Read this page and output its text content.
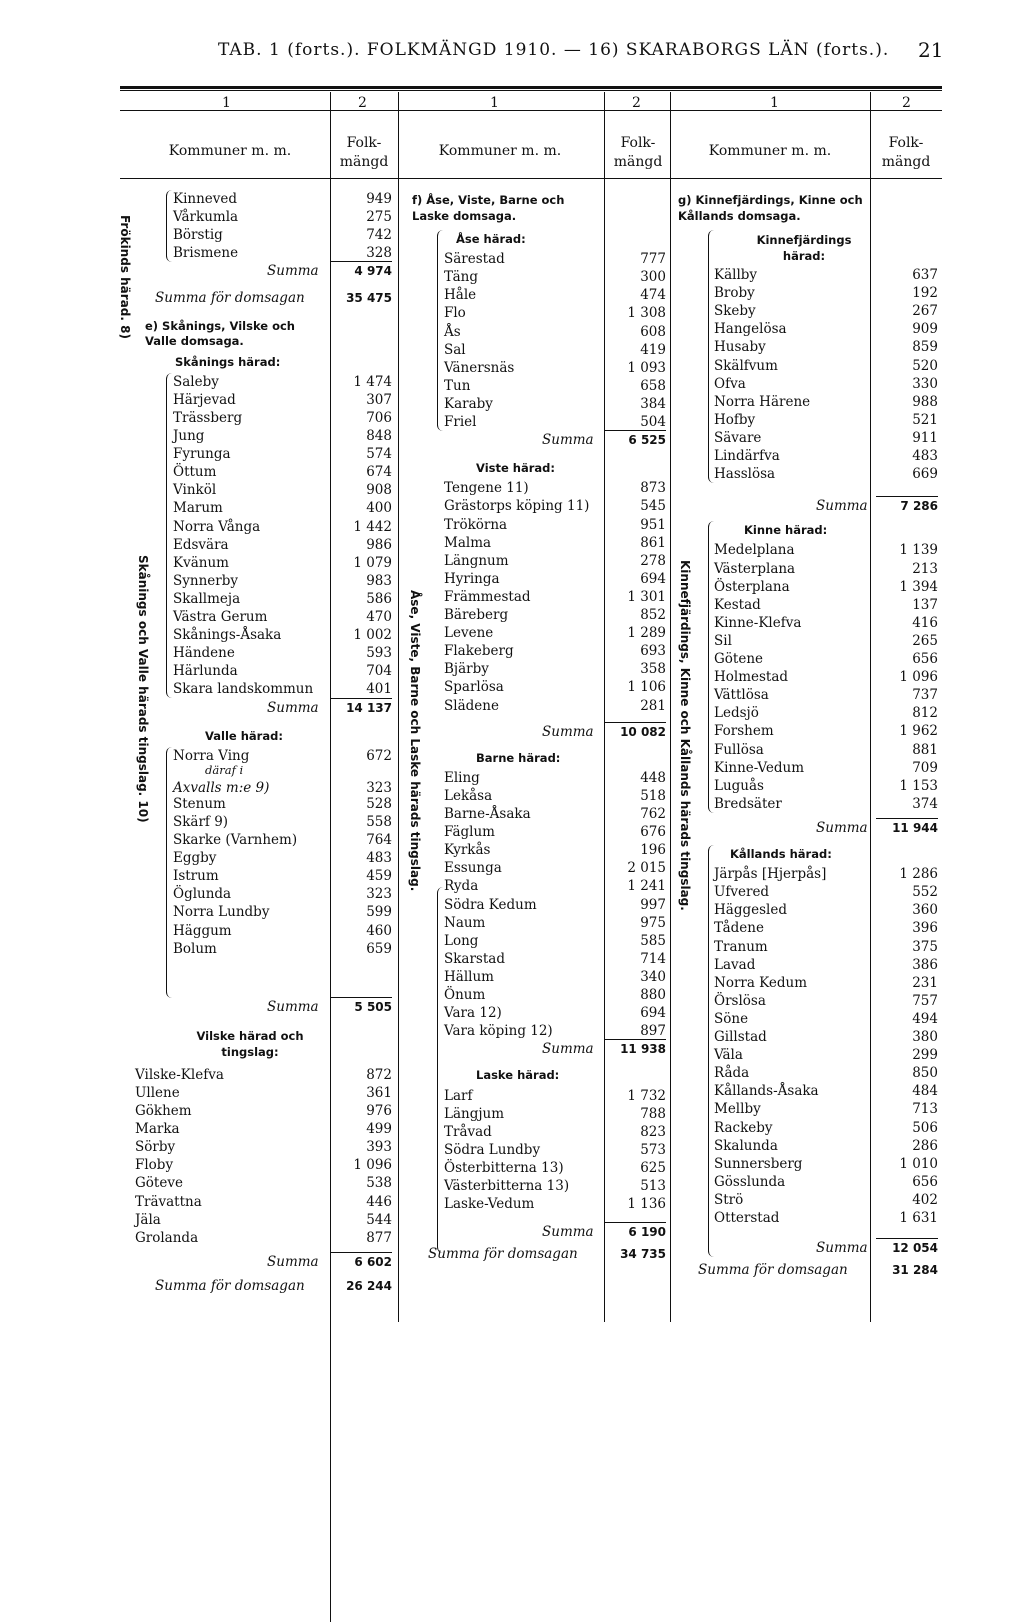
TAB. 1 (forts.). FOLKMÄNGD 1910. — 16) SKARABORGS LÄN (forts.). 21
1	2	1	2	1	2
Kommuner m. m.	Folk-
mängd
Kommuner m. m.	Folk-
mängd
Kommuner m. m.	Folk-
mängd
Frökinds härad. 8)
Skånings och Valle härads tingslag. 10)	Åse, Viste, Barne och Laske härads tingslag.	Kinnefjärdings, Kinne och Kållands härads tingslag.
Kinneved	949
Vårkumla	275
Börstig	742
Brismene	328
Summa	4 974
Summa för domsagan	35 475
e) Skånings, Vilske och Valle domsaga.
Skånings härad:
Saleby	1 474
Härjevad	307
Trässberg	706
Jung	848
Fyrunga	574
Öttum	674
Vinköl	908
Marum	400
Norra Vånga	1 442
Edsvära	986
Kvänum	1 079
Synnerby	983
Skallmeja	586
Västra Gerum	470
Skånings-Åsaka	1 002
Händene	593
Härlunda	704
Skara landskommun	401
Summa 14 137
Valle härad:
Norra Ving	672
däraf i
Axvalls m:e 9)	323
Stenum	528
Skärf 9)	558
Skarke (Varnhem)	764
Eggby	483
Istrum	459
Öglunda	323
Norra Lundby	599
Häggum	460
Bolum	659
Summa	5 505
Vilske härad och tingslag:
Vilske-Klefva	872
Ullene	361
Gökhem	976
Marka	499
Sörby	393
Floby	1 096
Göteve	538
Trävattna	446
Jäla	544
Grolanda	877
Summa	6 602
Summa för domsagan	26 244
f) Åse, Viste, Barne och Laske domsaga.
Åse härad:
Särestad	777
Täng	300
Håle	474
Flo	1 308
Ås	608
Sal	419
Vänersnäs	1 093
Tun	658
Karaby	384
Friel	504
Summa	6 525
Viste härad:
Tengene 11)	873
Grästorps köping 11)	545
Trökörna	951
Malma	861
Längnum	278
Hyringa	694
Främmestad	1 301
Bäreberg	852
Levene	1 289
Flakeberg	693
Bjärby	358
Sparlösa	1 106
Slädene	281
Summa 10 082
Barne härad:
Eling	448
Lekåsa	518
Barne-Åsaka	762
Fäglum	676
Kyrkås	196
Essunga	2 015
Ryda	1 241
Södra Kedum	997
Naum	975
Long	585
Skarstad	714
Hällum	340
Önum	880
Vara 12)	694
Vara köping 12)	897
Summa 11 938
Laske härad:
Larf	1 732
Längjum	788
Tråvad	823
Södra Lundby	573
Österbitterna 13)	625
Västerbitterna 13)	513
Laske-Vedum	1 136
Summa	6 190
Summa för domsagan	34 735
g) Kinnefjärdings, Kinne och Kållands domsaga.
Kinnefjärdings härad:
Källby	637
Broby	192
Skeby	267
Hangelösa	909
Husaby	859
Skälfvum	520
Ofva	330
Norra Härene	988
Hofby	521
Sävare	911
Lindärfva	483
Hasslösa	669
Summa	7 286
Kinne härad:
Medelplana	1 139
Västerplana	213
Österplana	1 394
Kestad	137
Kinne-Klefva	416
Sil	265
Götene	656
Holmestad	1 096
Vättlösa	737
Ledsjö	812
Forshem	1 962
Fullösa	881
Kinne-Vedum	709
Luguås	1 153
Bredsäter	374
Summa 11 944
Kållands härad:
Järpås [Hjerpås]	1 286
Ufvered	552
Häggesled	360
Tådene	396
Tranum	375
Lavad	386
Norra Kedum	231
Örslösa	757
Söne	494
Gillstad	380
Väla	299
Råda	850
Kållands-Åsaka	484
Mellby	713
Rackeby	506
Skalunda	286
Sunnersberg	1 010
Gösslunda	656
Strö	402
Otterstad	1 631
Summa 12 054
Summa för domsagan	31 284
